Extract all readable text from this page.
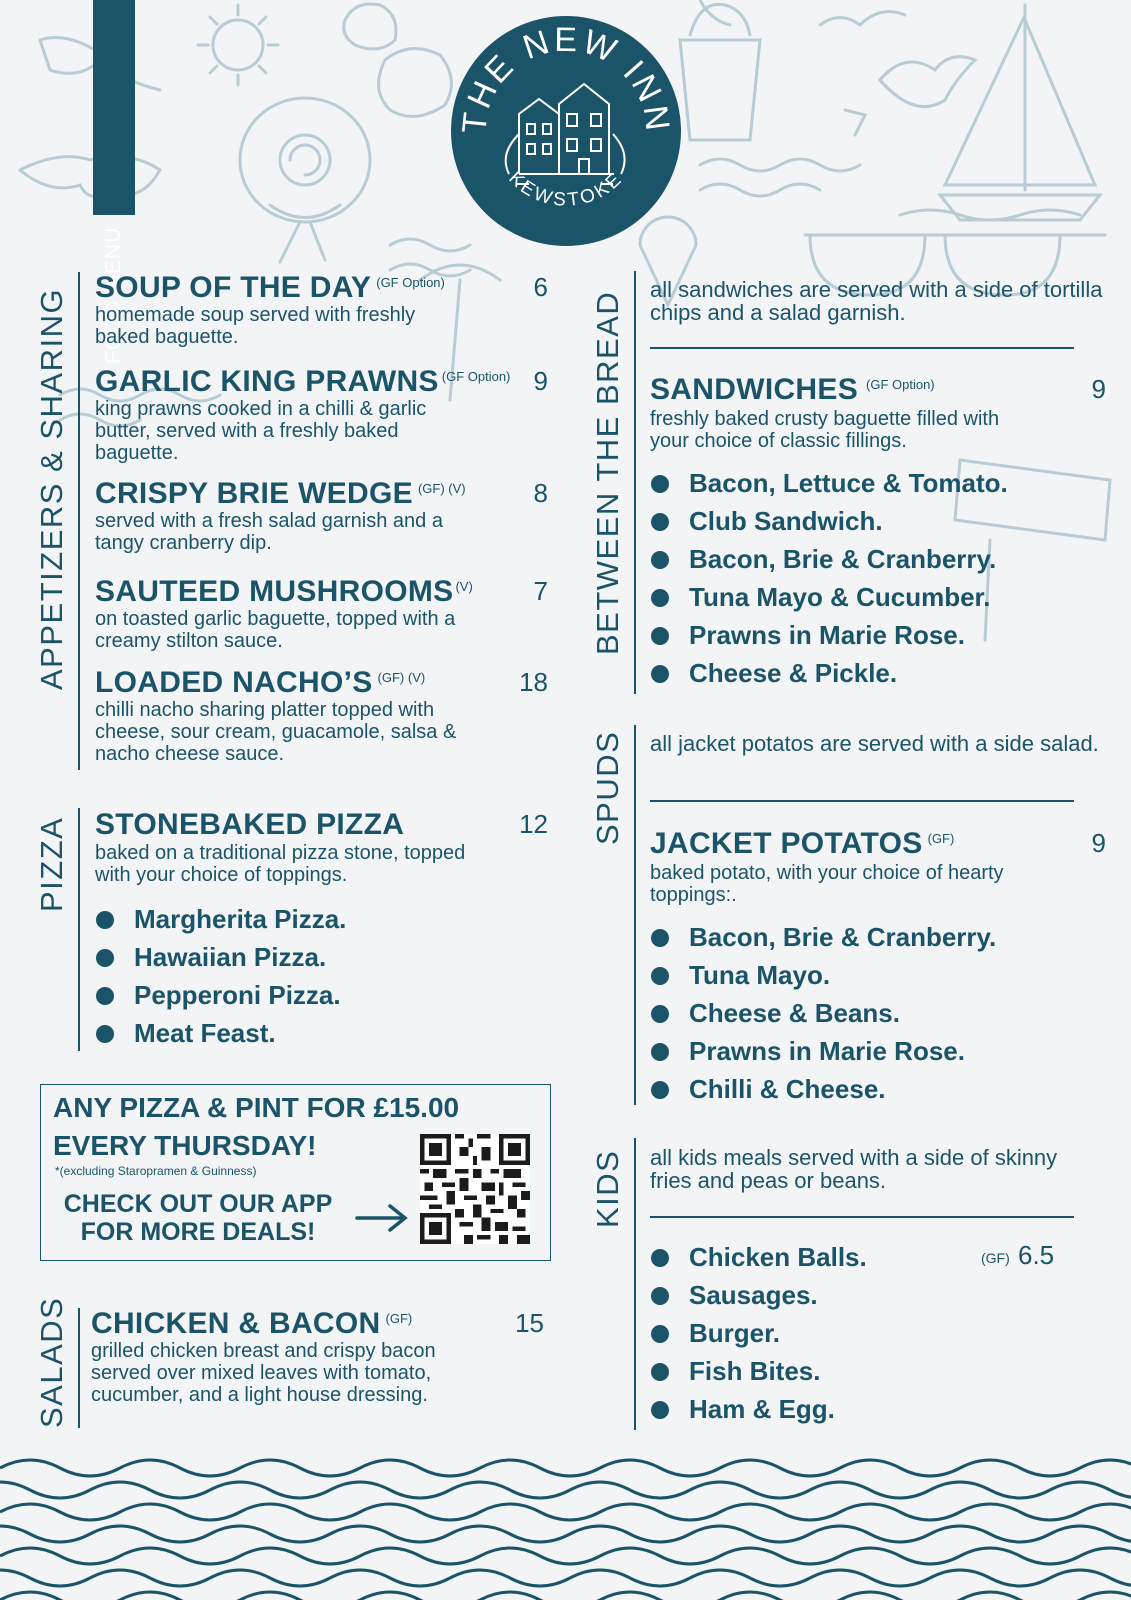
FOOD MENU
THE NEW INN
KEWSTOKE
APPETIZERS & SHARING
SOUP OF THE DAY $^{(GF Option)}$	6
homemade soup served with freshly baked baguette.
GARLIC KING PRAWNS $^{(GF Option)}$ 9
king prawns cooked in a chilli & garlic butter, served with a freshly baked baguette.
CRISPY BRIE WEDGE $^{(GF) (V)}$	8
served with a fresh salad garnish and a tangy cranberry dip.
SAUTEED MUSHROOMS $^{(V)}$	7
on toasted garlic baguette, topped with a creamy stilton sauce.
LOADED NACHO’S $^{(GF) (V)}$	18
chilli nacho sharing platter topped with cheese, sour cream, guacamole, salsa & nacho cheese sauce.
PIZZA STONEBAKED PIZZA	12
baked on a traditional pizza stone, topped with your choice of toppings.
Margherita Pizza.
Hawaiian Pizza.
Pepperoni Pizza.
Meat Feast.
ANY PIZZA & PINT FOR £15.00
EVERY THURSDAY!
*(excluding Staropramen & Guinness)
CHECK OUT OUR APP
FOR MORE DEALS!
SALADS CHICKEN & BACON $^{(GF)}$	15
grilled chicken breast and crispy bacon served over mixed leaves with tomato, cucumber, and a light house dressing.
BETWEEN THE BREAD
all sandwiches are served with a side of tortilla chips and a salad garnish.
SANDWICHES $^{(GF Option)}$	9
freshly baked crusty baguette filled with your choice of classic fillings.
Bacon, Lettuce & Tomato.
Club Sandwich.
Bacon, Brie & Cranberry.
Tuna Mayo & Cucumber.
Prawns in Marie Rose.
Cheese & Pickle.
SPUDS all jacket potatos are served with a side salad.
JACKET POTATOS $^{(GF)}$	9
baked potato, with your choice of hearty toppings:.
Bacon, Brie & Cranberry.
Tuna Mayo.
Cheese & Beans.
Prawns in Marie Rose.
Chilli & Cheese.
KIDS all kids meals served with a side of skinny fries and peas or beans.
Chicken Balls.
Sausages.
Burger.
Fish Bites.
Ham & Egg.
(GF) 6.5
